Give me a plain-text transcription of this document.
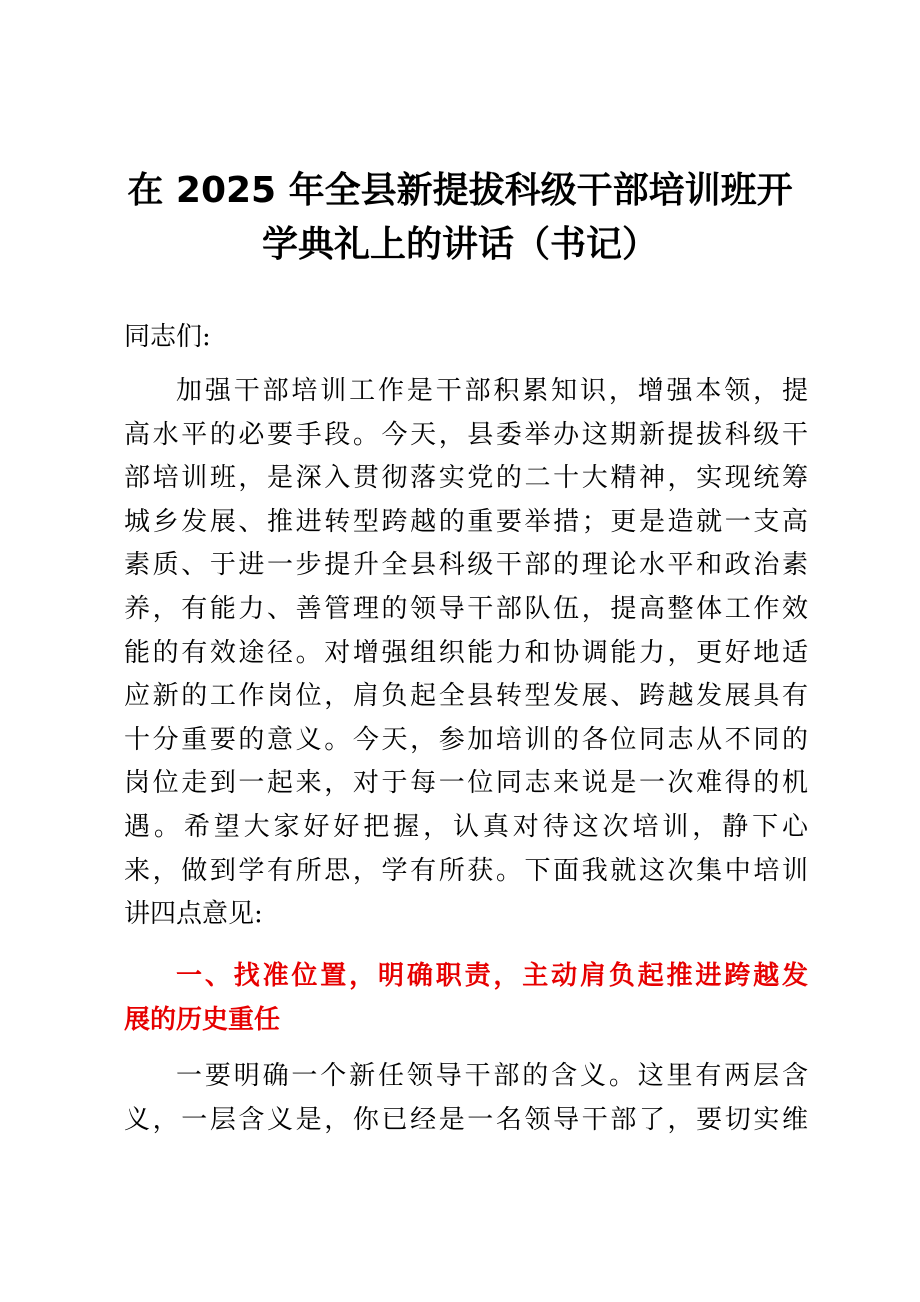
在 2025 年全县新提拔科级干部培训班开
学典礼上的讲话（书记）

同志们:

加强干部培训工作是干部积累知识，增强本领，提
高水平的必要手段。今天，县委举办这期新提拔科级干
部培训班，是深入贯彻落实党的二十大精神，实现统筹
城乡发展、推进转型跨越的重要举措；更是造就一支高
素质、于进一步提升全县科级干部的理论水平和政治素
养，有能力、善管理的领导干部队伍，提高整体工作效
能的有效途径。对增强组织能力和协调能力，更好地适
应新的工作岗位，肩负起全县转型发展、跨越发展具有
十分重要的意义。今天，参加培训的各位同志从不同的
岗位走到一起来，对于每一位同志来说是一次难得的机
遇。希望大家好好把握，认真对待这次培训，静下心
来，做到学有所思，学有所获。下面我就这次集中培训
讲四点意见:

一、找准位置，明确职责，主动肩负起推进跨越发
展的历史重任

一要明确一个新任领导干部的含义。这里有两层含
义，一层含义是，你已经是一名领导干部了，要切实维
